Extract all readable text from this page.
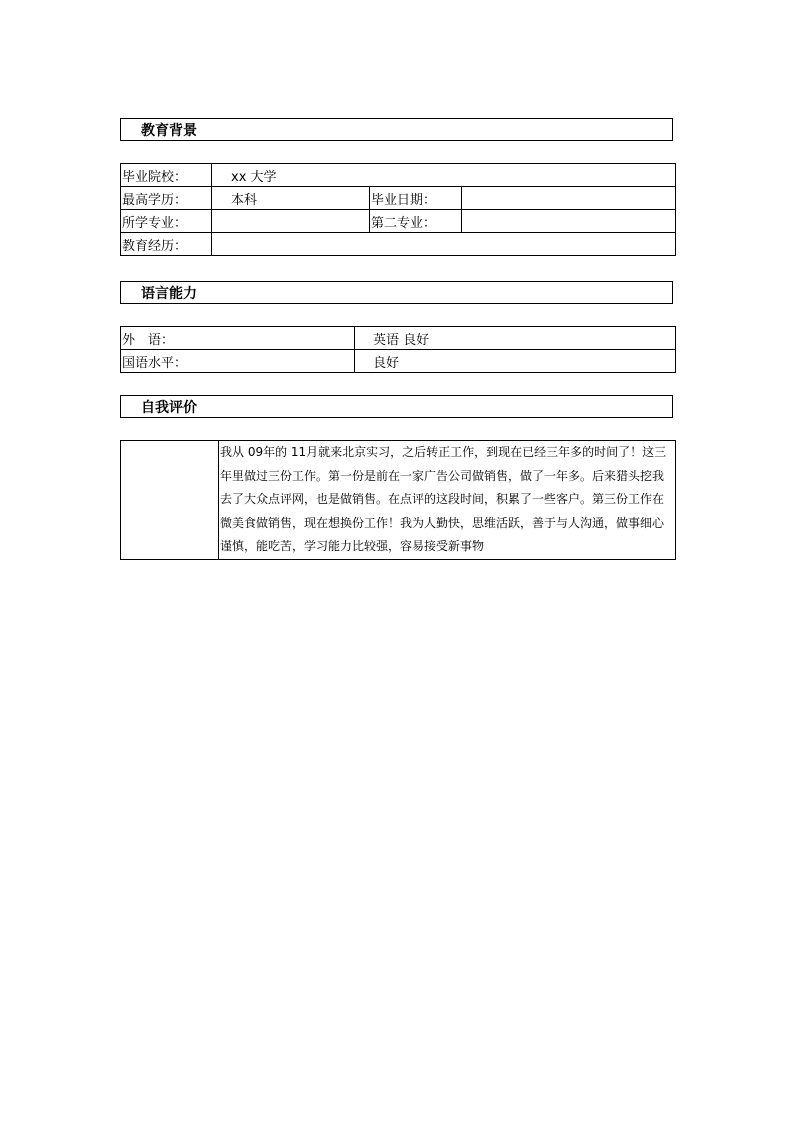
教育背景
毕业院校：	xx 大学		
最高学历：	本科	毕业日期：	
所学专业：		第二专业：	
教育经历：			
语言能力
外　语：	英语 良好
国语水平：	良好
自我评价
	我从 09年的 11月就来北京实习，之后转正工作，到现在已经三年多的时间了！这三年里做过三份工作。第一份是前在一家广告公司做销售，做了一年多。后来猎头挖我去了大众点评网，也是做销售。在点评的这段时间，积累了一些客户。第三份工作在微美食做销售，现在想换份工作！我为人勤快，思维活跃，善于与人沟通，做事细心谨慎，能吃苦，学习能力比较强，容易接受新事物
